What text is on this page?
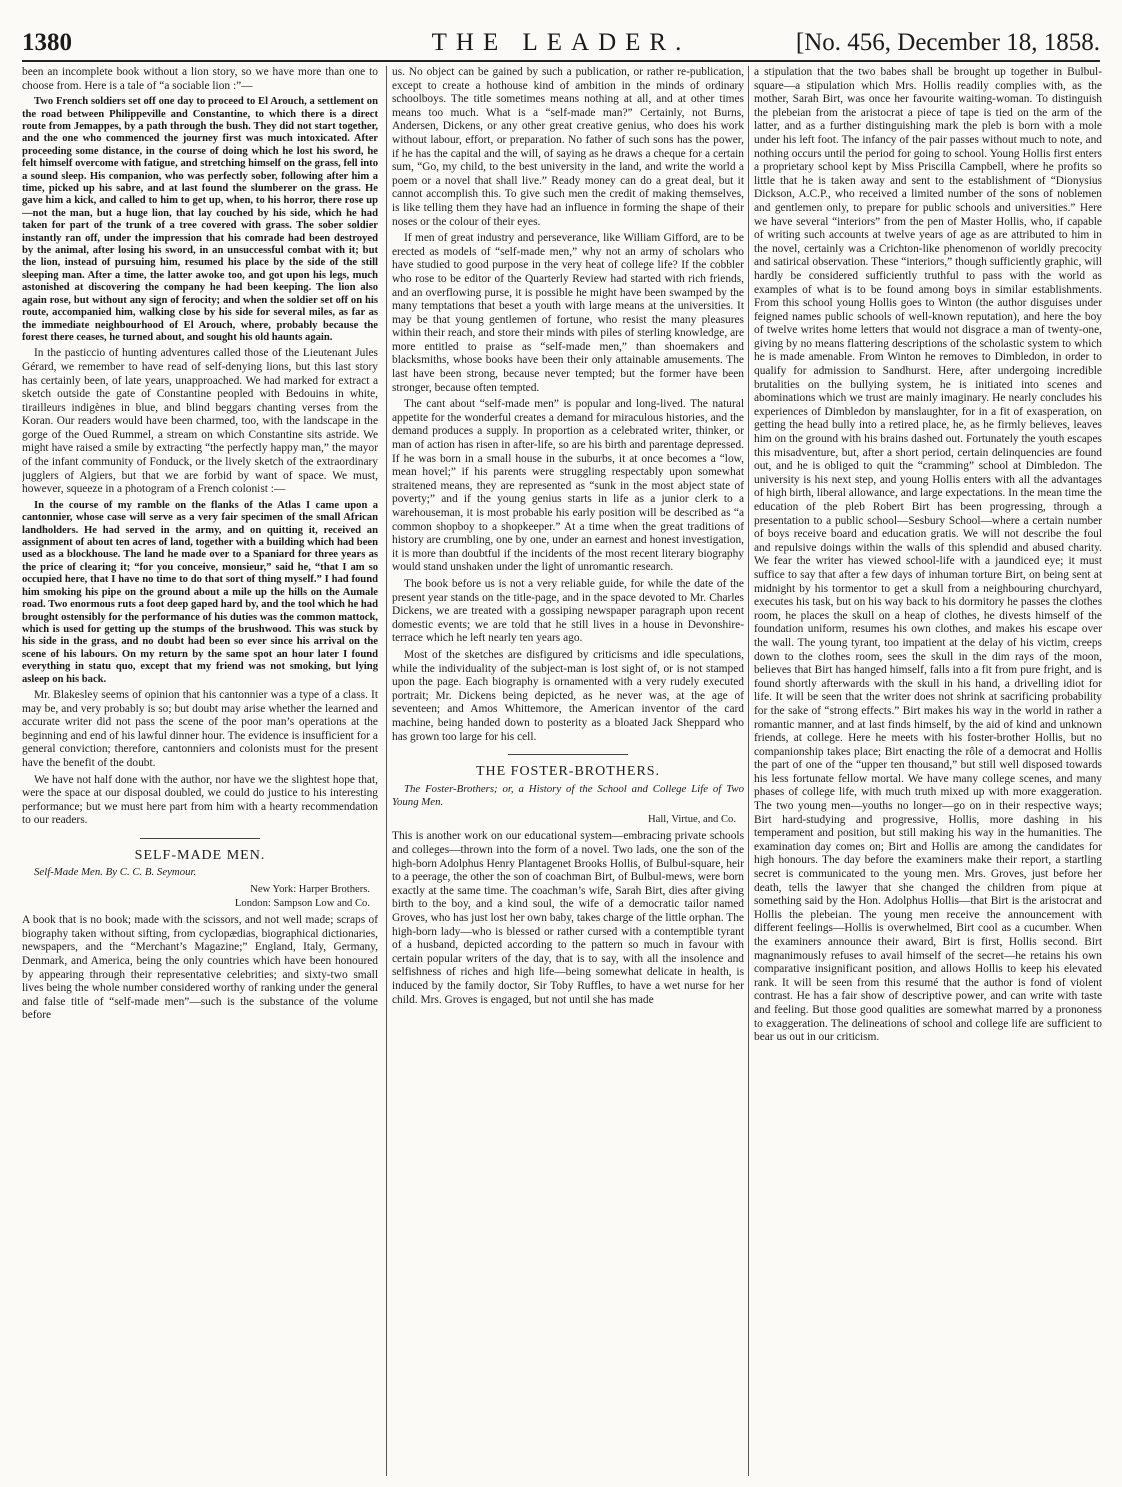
THE LEADER.
1380	[No. 456, December 18, 1858.

been an incomplete book without a lion story, so we have more than one to choose from. Here is a tale of “a sociable lion :”—

Two French soldiers set off one day to proceed to El Arouch, a settlement on the road between Philippeville and Constantine, to which there is a direct route from Jemappes, by a path through the bush. They did not start together, and the one who commenced the journey first was much intoxicated. After proceeding some distance, in the course of doing which he lost his sword, he felt himself overcome with fatigue, and stretching himself on the grass, fell into a sound sleep. His companion, who was perfectly sober, following after him a time, picked up his sabre, and at last found the slumberer on the grass. He gave him a kick, and called to him to get up, when, to his horror, there rose up—not the man, but a huge lion, that lay couched by his side, which he had taken for part of the trunk of a tree covered with grass. The sober soldier instantly ran off, under the impression that his comrade had been destroyed by the animal, after losing his sword, in an unsuccessful combat with it; but the lion, instead of pursuing him, resumed his place by the side of the still sleeping man. After a time, the latter awoke too, and got upon his legs, much astonished at discovering the company he had been keeping. The lion also again rose, but without any sign of ferocity; and when the soldier set off on his route, accompanied him, walking close by his side for several miles, as far as the immediate neighbourhood of El Arouch, where, probably because the forest there ceases, he turned about, and sought his old haunts again.

In the pasticcio of hunting adventures called those of the Lieutenant Jules Gérard, we remember to have read of self-denying lions, but this last story has certainly been, of late years, unapproached. We had marked for extract a sketch outside the gate of Constantine peopled with Bedouins in white, tirailleurs indigènes in blue, and blind beggars chanting verses from the Koran. Our readers would have been charmed, too, with the landscape in the gorge of the Oued Rummel, a stream on which Constantine sits astride. We might have raised a smile by extracting “the perfectly happy man,” the mayor of the infant community of Fonduck, or the lively sketch of the extraordinary jugglers of Algiers, but that we are forbid by want of space. We must, however, squeeze in a photogram of a French colonist :—

In the course of my ramble on the flanks of the Atlas I came upon a cantonnier, whose case will serve as a very fair specimen of the small African landholders. He had served in the army, and on quitting it, received an assignment of about ten acres of land, together with a building which had been used as a blockhouse. The land he made over to a Spaniard for three years as the price of clearing it; “for you conceive, monsieur,” said he, “that I am so occupied here, that I have no time to do that sort of thing myself.” I had found him smoking his pipe on the ground about a mile up the hills on the Aumale road. Two enormous ruts a foot deep gaped hard by, and the tool which he had brought ostensibly for the performance of his duties was the common mattock, which is used for getting up the stumps of the brushwood. This was stuck by his side in the grass, and no doubt had been so ever since his arrival on the scene of his labours. On my return by the same spot an hour later I found everything in statu quo, except that my friend was not smoking, but lying asleep on his back.

Mr. Blakesley seems of opinion that his cantonnier was a type of a class. It may be, and very probably is so; but doubt may arise whether the learned and accurate writer did not pass the scene of the poor man’s operations at the beginning and end of his lawful dinner hour. The evidence is insufficient for a general conviction; therefore, cantonniers and colonists must for the present have the benefit of the doubt.

We have not half done with the author, nor have we the slightest hope that, were the space at our disposal doubled, we could do justice to his interesting performance; but we must here part from him with a hearty recommendation to our readers.

SELF-MADE MEN.

Self-Made Men. By C. C. B. Seymour.

New York: Harper Brothers.
London: Sampson Low and Co.

A book that is no book; made with the scissors, and not well made; scraps of biography taken without sifting, from cyclopædias, biographical dictionaries, newspapers, and the “Merchant’s Magazine;” England, Italy, Germany, Denmark, and America, being the only countries which have been honoured by appearing through their representative celebrities; and sixty-two small lives being the whole number considered worthy of ranking under the general and false title of “self-made men”—such is the substance of the volume before

us. No object can be gained by such a publication, or rather re-publication, except to create a hothouse kind of ambition in the minds of ordinary schoolboys. The title sometimes means nothing at all, and at other times means too much. What is a “self-made man?” Certainly, not Burns, Andersen, Dickens, or any other great creative genius, who does his work without labour, effort, or preparation. No father of such sons has the power, if he has the capital and the will, of saying as he draws a cheque for a certain sum, “Go, my child, to the best university in the land, and write the world a poem or a novel that shall live.” Ready money can do a great deal, but it cannot accomplish this. To give such men the credit of making themselves, is like telling them they have had an influence in forming the shape of their noses or the colour of their eyes.

If men of great industry and perseverance, like William Gifford, are to be erected as models of “self-made men,” why not an army of scholars who have studied to good purpose in the very heat of college life? If the cobbler who rose to be editor of the Quarterly Review had started with rich friends, and an overflowing purse, it is possible he might have been swamped by the many temptations that beset a youth with large means at the universities. It may be that young gentlemen of fortune, who resist the many pleasures within their reach, and store their minds with piles of sterling knowledge, are more entitled to praise as “self-made men,” than shoemakers and blacksmiths, whose books have been their only attainable amusements. The last have been strong, because never tempted; but the former have been stronger, because often tempted.

The cant about “self-made men” is popular and long-lived. The natural appetite for the wonderful creates a demand for miraculous histories, and the demand produces a supply. In proportion as a celebrated writer, thinker, or man of action has risen in after-life, so are his birth and parentage depressed. If he was born in a small house in the suburbs, it at once becomes a “low, mean hovel;” if his parents were struggling respectably upon somewhat straitened means, they are represented as “sunk in the most abject state of poverty;” and if the young genius starts in life as a junior clerk to a warehouseman, it is most probable his early position will be described as “a common shopboy to a shopkeeper.” At a time when the great traditions of history are crumbling, one by one, under an earnest and honest investigation, it is more than doubtful if the incidents of the most recent literary biography would stand unshaken under the light of unromantic research.

The book before us is not a very reliable guide, for while the date of the present year stands on the title-page, and in the space devoted to Mr. Charles Dickens, we are treated with a gossiping newspaper paragraph upon recent domestic events; we are told that he still lives in a house in Devonshire-terrace which he left nearly ten years ago.

Most of the sketches are disfigured by criticisms and idle speculations, while the individuality of the subject-man is lost sight of, or is not stamped upon the page. Each biography is ornamented with a very rudely executed portrait; Mr. Dickens being depicted, as he never was, at the age of seventeen; and Amos Whittemore, the American inventor of the card machine, being handed down to posterity as a bloated Jack Sheppard who has grown too large for his cell.

THE FOSTER-BROTHERS.

The Foster-Brothers; or, a History of the School and College Life of Two Young Men.

Hall, Virtue, and Co.

This is another work on our educational system—embracing private schools and colleges—thrown into the form of a novel. Two lads, one the son of the high-born Adolphus Henry Plantagenet Brooks Hollis, of Bulbul-square, heir to a peerage, the other the son of coachman Birt, of Bulbul-mews, were born exactly at the same time. The coachman’s wife, Sarah Birt, dies after giving birth to the boy, and a kind soul, the wife of a democratic tailor named Groves, who has just lost her own baby, takes charge of the little orphan. The high-born lady—who is blessed or rather cursed with a contemptible tyrant of a husband, depicted according to the pattern so much in favour with certain popular writers of the day, that is to say, with all the insolence and selfishness of riches and high life—being somewhat delicate in health, is induced by the family doctor, Sir Toby Ruffles, to have a wet nurse for her child. Mrs. Groves is engaged, but not until she has made

a stipulation that the two babes shall be brought up together in Bulbul-square—a stipulation which Mrs. Hollis readily complies with, as the mother, Sarah Birt, was once her favourite waiting-woman. To distinguish the plebeian from the aristocrat a piece of tape is tied on the arm of the latter, and as a further distinguishing mark the pleb is born with a mole under his left foot. The infancy of the pair passes without much to note, and nothing occurs until the period for going to school. Young Hollis first enters a proprietary school kept by Miss Priscilla Campbell, where he profits so little that he is taken away and sent to the establishment of “Dionysius Dickson, A.C.P., who received a limited number of the sons of noblemen and gentlemen only, to prepare for public schools and universities.” Here we have several “interiors” from the pen of Master Hollis, who, if capable of writing such accounts at twelve years of age as are attributed to him in the novel, certainly was a Crichton-like phenomenon of worldly precocity and satirical observation. These “interiors,” though sufficiently graphic, will hardly be considered sufficiently truthful to pass with the world as examples of what is to be found among boys in similar establishments. From this school young Hollis goes to Winton (the author disguises under feigned names public schools of well-known reputation), and here the boy of twelve writes home letters that would not disgrace a man of twenty-one, giving by no means flattering descriptions of the scholastic system to which he is made amenable. From Winton he removes to Dimbledon, in order to qualify for admission to Sandhurst. Here, after undergoing incredible brutalities on the bullying system, he is initiated into scenes and abominations which we trust are mainly imaginary. He nearly concludes his experiences of Dimbledon by manslaughter, for in a fit of exasperation, on getting the head bully into a retired place, he, as he firmly believes, leaves him on the ground with his brains dashed out. Fortunately the youth escapes this misadventure, but, after a short period, certain delinquencies are found out, and he is obliged to quit the “cramming” school at Dimbledon. The university is his next step, and young Hollis enters with all the advantages of high birth, liberal allowance, and large expectations. In the mean time the education of the pleb Robert Birt has been progressing, through a presentation to a public school—Sesbury School—where a certain number of boys receive board and education gratis. We will not describe the foul and repulsive doings within the walls of this splendid and abused charity. We fear the writer has viewed school-life with a jaundiced eye; it must suffice to say that after a few days of inhuman torture Birt, on being sent at midnight by his tormentor to get a skull from a neighbouring churchyard, executes his task, but on his way back to his dormitory he passes the clothes room, he places the skull on a heap of clothes, he divests himself of the foundation uniform, resumes his own clothes, and makes his escape over the wall. The young tyrant, too impatient at the delay of his victim, creeps down to the clothes room, sees the skull in the dim rays of the moon, believes that Birt has hanged himself, falls into a fit from pure fright, and is found shortly afterwards with the skull in his hand, a drivelling idiot for life. It will be seen that the writer does not shrink at sacrificing probability for the sake of “strong effects.” Birt makes his way in the world in rather a romantic manner, and at last finds himself, by the aid of kind and unknown friends, at college. Here he meets with his foster-brother Hollis, but no companionship takes place; Birt enacting the rôle of a democrat and Hollis the part of one of the “upper ten thousand,” but still well disposed towards his less fortunate fellow mortal. We have many college scenes, and many phases of college life, with much truth mixed up with more exaggeration. The two young men—youths no longer—go on in their respective ways; Birt hard-studying and progressive, Hollis, more dashing in his temperament and position, but still making his way in the humanities. The examination day comes on; Birt and Hollis are among the candidates for high honours. The day before the examiners make their report, a startling secret is communicated to the young men. Mrs. Groves, just before her death, tells the lawyer that she changed the children from pique at something said by the Hon. Adolphus Hollis—that Birt is the aristocrat and Hollis the plebeian. The young men receive the announcement with different feelings—Hollis is overwhelmed, Birt cool as a cucumber. When the examiners announce their award, Birt is first, Hollis second. Birt magnanimously refuses to avail himself of the secret—he retains his own comparative insignificant position, and allows Hollis to keep his elevated rank. It will be seen from this resumé that the author is fond of violent contrast. He has a fair show of descriptive power, and can write with taste and feeling. But those good qualities are somewhat marred by a prononess to exaggeration. The delineations of school and college life are sufficient to bear us out in our criticism.
